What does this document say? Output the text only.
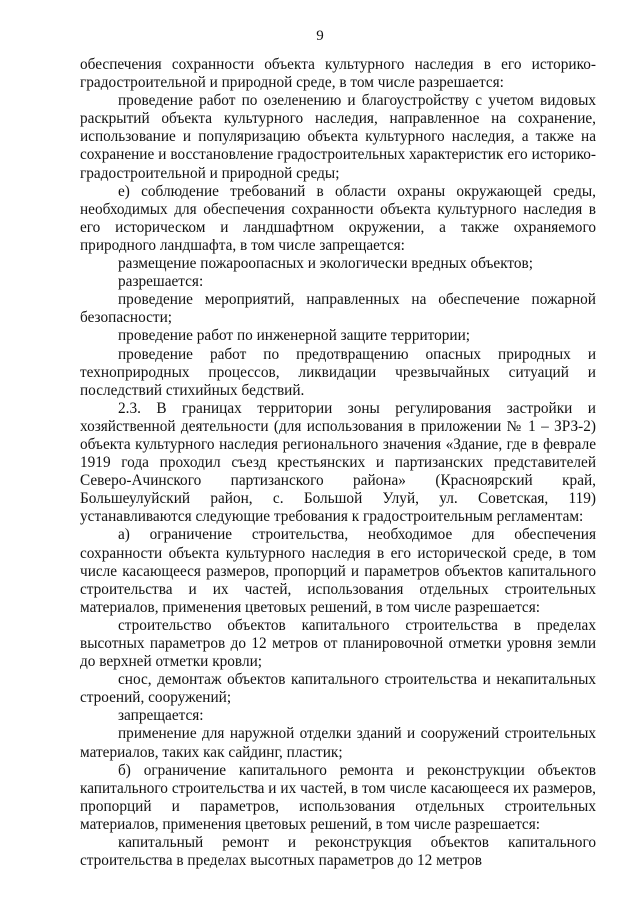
9

обеспечения сохранности объекта культурного наследия в его историко-градостроительной и природной среде, в том числе разрешается:

проведение работ по озеленению и благоустройству с учетом видовых раскрытий объекта культурного наследия, направленное на сохранение, использование и популяризацию объекта культурного наследия, а также на сохранение и восстановление градостроительных характеристик его историко-градостроительной и природной среды;

е) соблюдение требований в области охраны окружающей среды, необходимых для обеспечения сохранности объекта культурного наследия в его историческом и ландшафтном окружении, а также охраняемого природного ландшафта, в том числе запрещается:

размещение пожароопасных и экологически вредных объектов;

разрешается:

проведение мероприятий, направленных на обеспечение пожарной безопасности;

проведение работ по инженерной защите территории;

проведение работ по предотвращению опасных природных и техноприродных процессов, ликвидации чрезвычайных ситуаций и последствий стихийных бедствий.

2.3. В границах территории зоны регулирования застройки и хозяйственной деятельности (для использования в приложении № 1 – ЗРЗ-2) объекта культурного наследия регионального значения «Здание, где в феврале 1919 года проходил съезд крестьянских и партизанских представителей Северо-Ачинского партизанского района» (Красноярский край, Большеулуйский район, с. Большой Улуй, ул. Советская, 119) устанавливаются следующие требования к градостроительным регламентам:

а) ограничение строительства, необходимое для обеспечения сохранности объекта культурного наследия в его исторической среде, в том числе касающееся размеров, пропорций и параметров объектов капитального строительства и их частей, использования отдельных строительных материалов, применения цветовых решений, в том числе разрешается:

строительство объектов капитального строительства в пределах высотных параметров до 12 метров от планировочной отметки уровня земли до верхней отметки кровли;

снос, демонтаж объектов капитального строительства и некапитальных строений, сооружений;

запрещается:

применение для наружной отделки зданий и сооружений строительных материалов, таких как сайдинг, пластик;

б) ограничение капитального ремонта и реконструкции объектов капитального строительства и их частей, в том числе касающееся их размеров, пропорций и параметров, использования отдельных строительных материалов, применения цветовых решений, в том числе разрешается:

капитальный ремонт и реконструкция объектов капитального строительства в пределах высотных параметров до 12 метров
